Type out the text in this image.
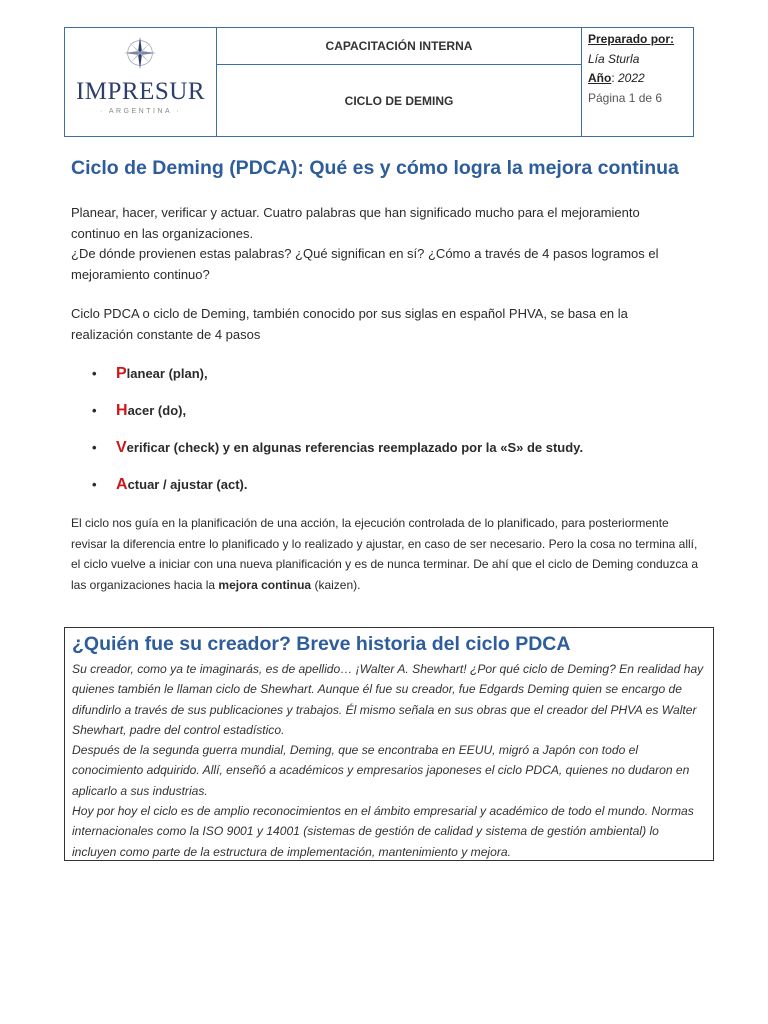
IMPRESUR
· ARGENTINA ·
CAPACITACIÓN INTERNA
CICLO DE DEMING
Preparado por:
Lía Sturla
Año: 2022
Página 1 de 6
Ciclo de Deming (PDCA): Qué es y cómo logra la mejora continua
Planear, hacer, verificar y actuar. Cuatro palabras que han significado mucho para el mejoramiento continuo en las organizaciones.
¿De dónde provienen estas palabras? ¿Qué significan en sí? ¿Cómo a través de 4 pasos logramos el mejoramiento continuo?
Ciclo PDCA o ciclo de Deming, también conocido por sus siglas en español PHVA, se basa en la realización constante de 4 pasos
• Planear (plan),
• Hacer (do),
• Verificar (check) y en algunas referencias reemplazado por la «S» de study.
• Actuar / ajustar (act).
El ciclo nos guía en la planificación de una acción, la ejecución controlada de lo planificado, para posteriormente revisar la diferencia entre lo planificado y lo realizado y ajustar, en caso de ser necesario. Pero la cosa no termina allí, el ciclo vuelve a iniciar con una nueva planificación y es de nunca terminar. De ahí que el ciclo de Deming conduzca a las organizaciones hacia la mejora continua (kaizen).
¿Quién fue su creador? Breve historia del ciclo PDCA

Su creador, como ya te imaginarás, es de apellido… ¡Walter A. Shewhart! ¿Por qué ciclo de Deming? En realidad hay quienes también le llaman ciclo de Shewhart. Aunque él fue su creador, fue Edgards Deming quien se encargo de difundirlo a través de sus publicaciones y trabajos. Él mismo señala en sus obras que el creador del PHVA es Walter Shewhart, padre del control estadístico.

Después de la segunda guerra mundial, Deming, que se encontraba en EEUU, migró a Japón con todo el conocimiento adquirido. Allí, enseñó a académicos y empresarios japoneses el ciclo PDCA, quienes no dudaron en aplicarlo a sus industrias.

Hoy por hoy el ciclo es de amplio reconocimientos en el ámbito empresarial y académico de todo el mundo. Normas internacionales como la ISO 9001 y 14001 (sistemas de gestión de calidad y sistema de gestión ambiental) lo incluyen como parte de la estructura de implementación, mantenimiento y mejora.
